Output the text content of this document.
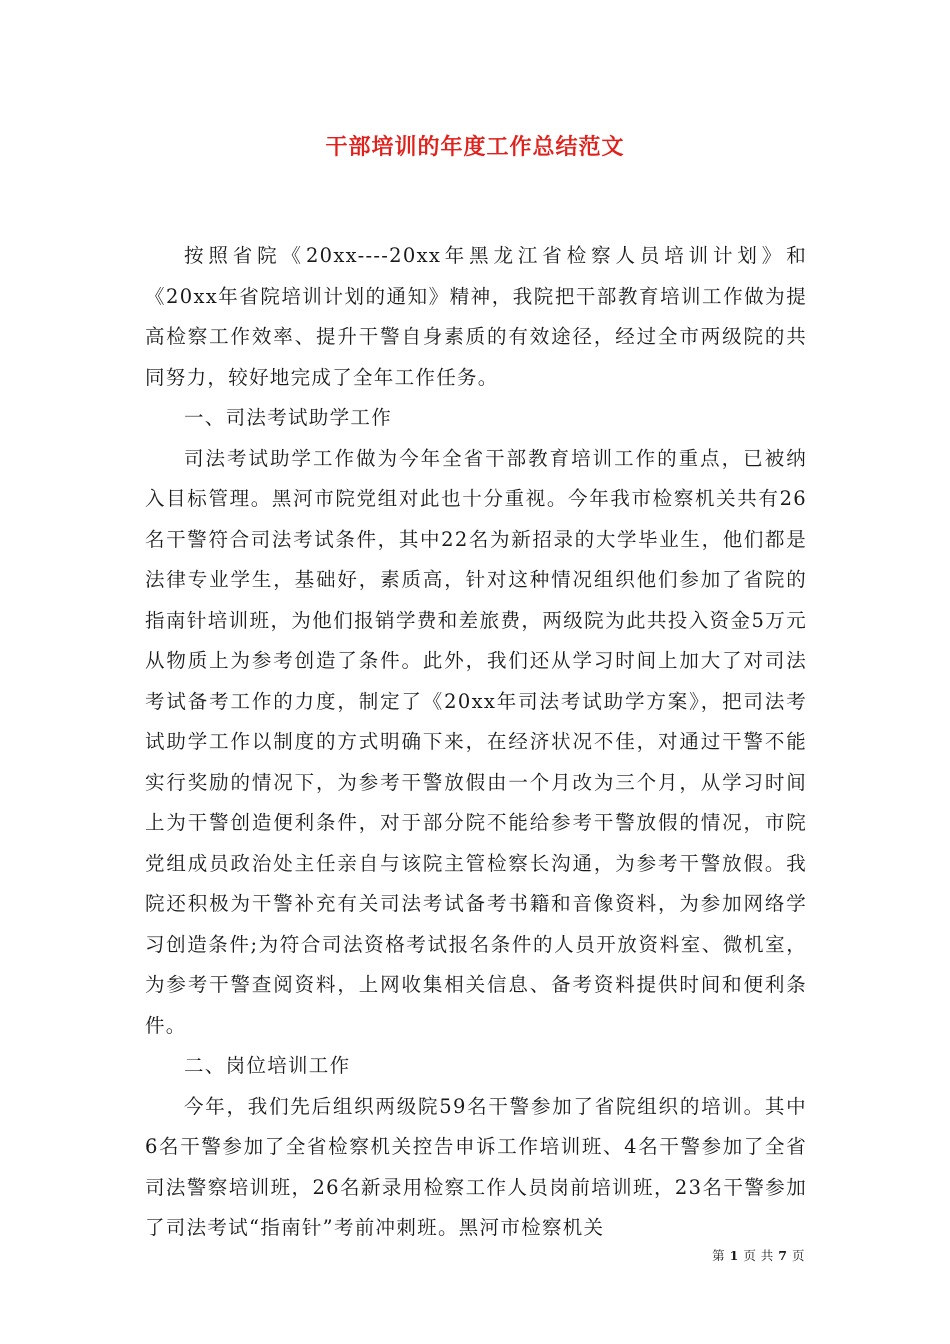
干部培训的年度工作总结范文

按照省院《20xx----20xx年黑龙江省检察人员培训计划》和《20xx年省院培训计划的通知》精神，我院把干部教育培训工作做为提高检察工作效率、提升干警自身素质的有效途径，经过全市两级院的共同努力，较好地完成了全年工作任务。

一、司法考试助学工作

司法考试助学工作做为今年全省干部教育培训工作的重点，已被纳入目标管理。黑河市院党组对此也十分重视。今年我市检察机关共有26名干警符合司法考试条件，其中22名为新招录的大学毕业生，他们都是法律专业学生，基础好，素质高，针对这种情况组织他们参加了省院的指南针培训班，为他们报销学费和差旅费，两级院为此共投入资金5万元从物质上为参考创造了条件。此外，我们还从学习时间上加大了对司法考试备考工作的力度，制定了《20xx年司法考试助学方案》，把司法考试助学工作以制度的方式明确下来，在经济状况不佳，对通过干警不能实行奖励的情况下，为参考干警放假由一个月改为三个月，从学习时间上为干警创造便利条件，对于部分院不能给参考干警放假的情况，市院党组成员政治处主任亲自与该院主管检察长沟通，为参考干警放假。我院还积极为干警补充有关司法考试备考书籍和音像资料，为参加网络学习创造条件;为符合司法资格考试报名条件的人员开放资料室、微机室，为参考干警查阅资料，上网收集相关信息、备考资料提供时间和便利条件。

二、岗位培训工作

今年，我们先后组织两级院59名干警参加了省院组织的培训。其中6名干警参加了全省检察机关控告申诉工作培训班、4名干警参加了全省司法警察培训班，26名新录用检察工作人员岗前培训班，23名干警参加了司法考试“指南针”考前冲刺班。黑河市检察机关

第 1 页 共 7 页
